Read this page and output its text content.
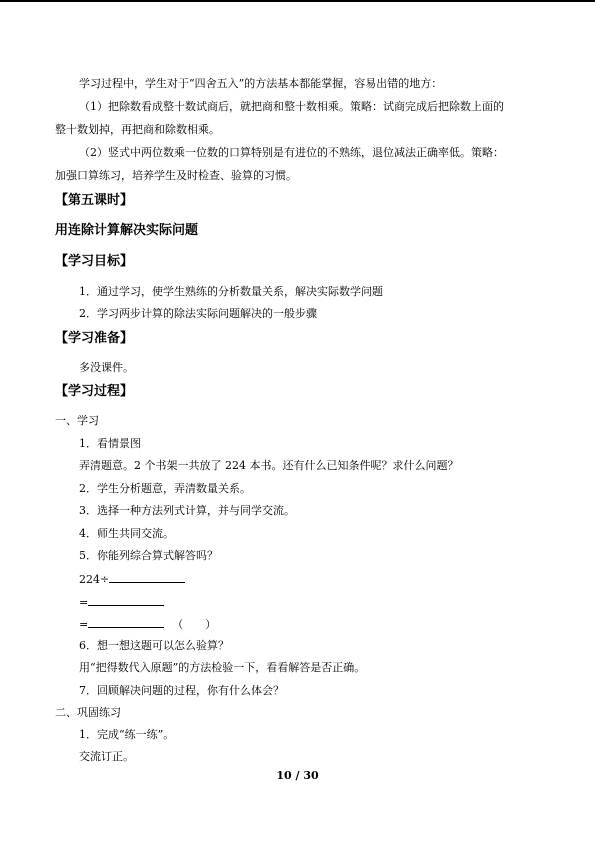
学习过程中，学生对于“四舍五入”的方法基本都能掌握，容易出错的地方：
（1）把除数看成整十数试商后，就把商和整十数相乘。策略：试商完成后把除数上面的
整十数划掉，再把商和除数相乘。
（2）竖式中两位数乘一位数的口算特别是有进位的不熟练，退位减法正确率低。策略：
加强口算练习，培养学生及时检查、验算的习惯。
【第五课时】
用连除计算解决实际问题
【学习目标】
1．通过学习，使学生熟练的分析数量关系，解决实际数学问题
2．学习两步计算的除法实际问题解决的一般步骤
【学习准备】
多没课件。
【学习过程】
一、学习
1．看情景图
弄清题意。2 个书架一共放了 224 本书。还有什么已知条件呢？求什么问题？
2．学生分析题意，弄清数量关系。
3．选择一种方法列式计算，并与同学交流。
4．师生共同交流。
5．你能列综合算式解答吗？
224÷
=
=	（　　）
6．想一想这题可以怎么验算？
用“把得数代入原题”的方法检验一下，看看解答是否正确。
7．回顾解决问题的过程，你有什么体会？
二、巩固练习
1．完成“练一练”。
交流订正。
10 / 30
